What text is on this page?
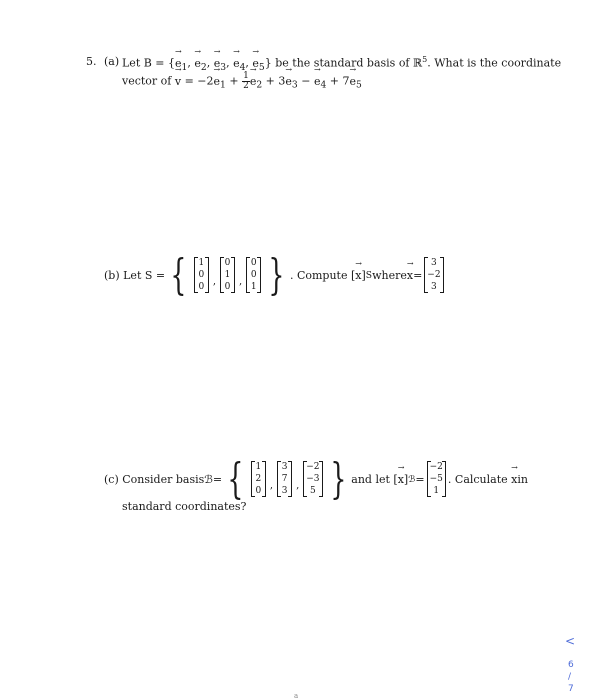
5. (a) Let B = {→ $e_1$, → $e_2$, → $e_3$, → $e_4$, → $e_5$} be the standard basis of ℝ$^5$. What is the coordinate
vector of → $v = -2\to e_1 + \frac{1}{2}$
→ $e_2 + 3\to e_3$ − → $e_4 + 7\to e_5$
(b)
Let S = { 1
0
0
,
0
1
0
,
0
0
1 } . Compute [
→ x ] S where
→ x =
3
−2
3
(c)
Consider basis ℬ = { 1
2
0
,
3
7
3
,
−2
−3
5 } and let [
→ x ] ℬ =
−2
−5
1
. Calculate

→ x in
standard coordinates?
<
6
/
7
a
